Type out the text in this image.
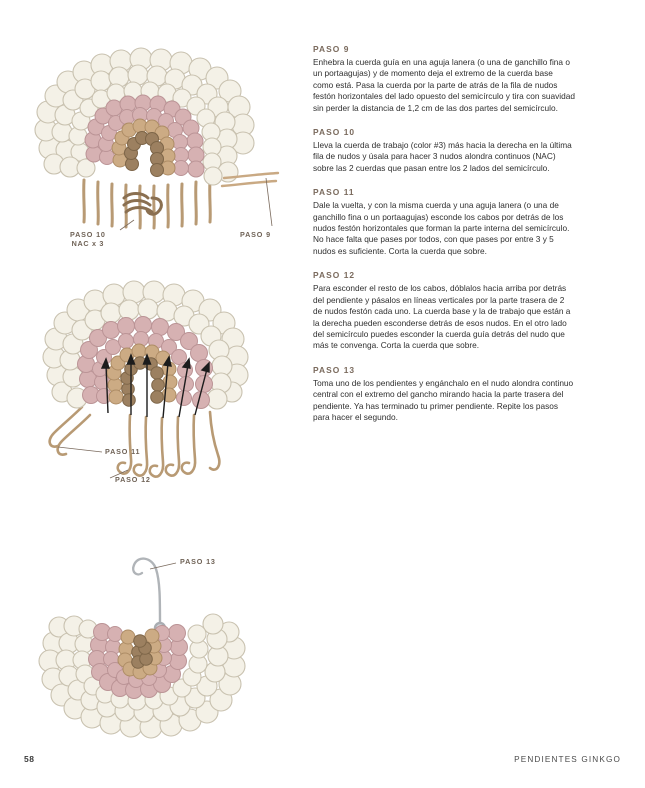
PASO 10
NAC x 3
PASO 9
PASO 11
PASO 12
PASO 13
PASO 9
Enhebra la cuerda guía en una aguja lanera (o una de ganchillo fina o un portaagujas) y de momento deja el extremo de la cuerda base como está. Pasa la cuerda por la parte de atrás de la fila de nudos festón horizontales del lado opuesto del semicírculo y tira con suavidad sin perder la distancia de 1,2 cm de las dos partes del semicírculo.
PASO 10
Lleva la cuerda de trabajo (color #3) más hacia la derecha en la última fila de nudos y úsala para hacer 3 nudos alondra continuos (NAC) sobre las 2 cuerdas que pasan entre los 2 lados del semicírculo.
PASO 11
Dale la vuelta, y con la misma cuerda y una aguja lanera (o una de ganchillo fina o un portaagujas) esconde los cabos por detrás de los nudos festón horizontales que forman la parte interna del semicírculo. No hace falta que pases por todos, con que pases por entre 3 y 5 nudos es suficiente. Corta la cuerda que sobre.
PASO 12
Para esconder el resto de los cabos, dóblalos hacia arriba por detrás del pendiente y pásalos en líneas verticales por la parte trasera de 2 de nudos festón cada uno. La cuerda base y la de trabajo que están a la derecha pueden esconderse detrás de esos nudos. En el otro lado del semicírculo puedes esconder la cuerda guía detrás del nudo que más te convenga. Corta la cuerda que sobre.
PASO 13
Toma uno de los pendientes y engánchalo en el nudo alondra continuo central con el extremo del gancho mirando hacia la parte trasera del pendiente. Ya has terminado tu primer pendiente. Repite los pasos para hacer el segundo.
58	PENDIENTES GINKGO
